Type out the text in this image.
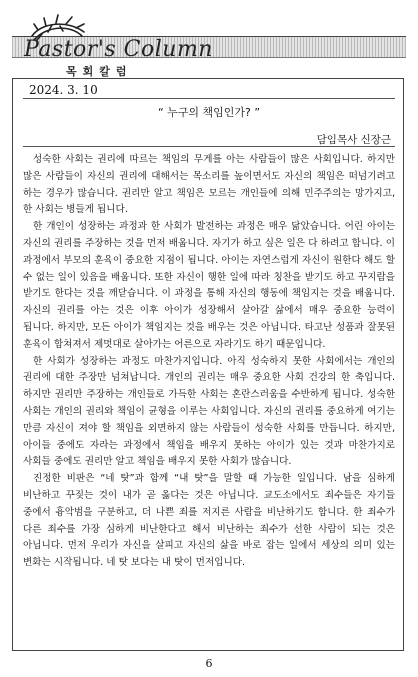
Pastor's Column
목회칼럼
2024. 3. 10
“ 누구의 책임인가? ”
담임목사 신장근

성숙한 사회는 권리에 따르는 책임의 무게를 아는 사람들이 많은 사회입니다. 하지만 많은 사람들이 자신의 권리에 대해서는 목소리를 높이면서도 자신의 책임은 떠넘기려고 하는 경우가 많습니다. 권리만 알고 책임은 모르는 개인들에 의해 민주주의는 망가지고, 한 사회는 병들게 됩니다.

한 개인이 성장하는 과정과 한 사회가 발전하는 과정은 매우 닮았습니다. 어린 아이는 자신의 권리를 주장하는 것을 먼저 배웁니다. 자기가 하고 싶은 일은 다 하려고 합니다. 이 과정에서 부모의 훈육이 중요한 지점이 됩니다. 아이는 자연스럽게 자신이 원한다 해도 할 수 없는 일이 있음을 배웁니다. 또한 자신이 행한 일에 따라 칭찬을 받기도 하고 꾸지람을 받기도 한다는 것을 깨닫습니다. 이 과정을 통해 자신의 행동에 책임지는 것을 배웁니다. 자신의 권리를 아는 것은 이후 아이가 성장해서 살아갈 삶에서 매우 중요한 능력이 됩니다. 하지만, 모든 아이가 책임지는 것을 배우는 것은 아닙니다. 타고난 성품과 잘못된 훈육이 합쳐져서 제멋대로 살아가는 어른으로 자라기도 하기 때문입니다.

한 사회가 성장하는 과정도 마찬가지입니다. 아직 성숙하지 못한 사회에서는 개인의 권리에 대한 주장만 넘쳐납니다. 개인의 권리는 매우 중요한 사회 건강의 한 축입니다. 하지만 권리만 주장하는 개인들로 가득한 사회는 혼란스러움을 수반하게 됩니다. 성숙한 사회는 개인의 권리와 책임이 균형을 이루는 사회입니다. 자신의 권리를 중요하게 여기는 만큼 자신이 져야 할 책임을 외면하지 않는 사람들이 성숙한 사회를 만듭니다. 하지만, 아이들 중에도 자라는 과정에서 책임을 배우지 못하는 아이가 있는 것과 마찬가지로 사회들 중에도 권리만 알고 책임을 배우지 못한 사회가 많습니다.

진정한 비판은 “네 탓”과 함께 “내 탓”을 말할 때 가능한 일입니다. 남을 심하게 비난하고 꾸짖는 것이 내가 곧 옳다는 것은 아닙니다. 교도소에서도 죄수들은 자기들 중에서 흉악범을 구분하고, 더 나쁜 죄를 저지른 사람을 비난하기도 합니다. 한 죄수가 다른 죄수를 가장 심하게 비난한다고 해서 비난하는 죄수가 선한 사람이 되는 것은 아닙니다. 먼저 우리가 자신을 살피고 자신의 삶을 바로 잡는 일에서 세상의 의미 있는 변화는 시작됩니다. 네 탓 보다는 내 탓이 먼저입니다.

6
